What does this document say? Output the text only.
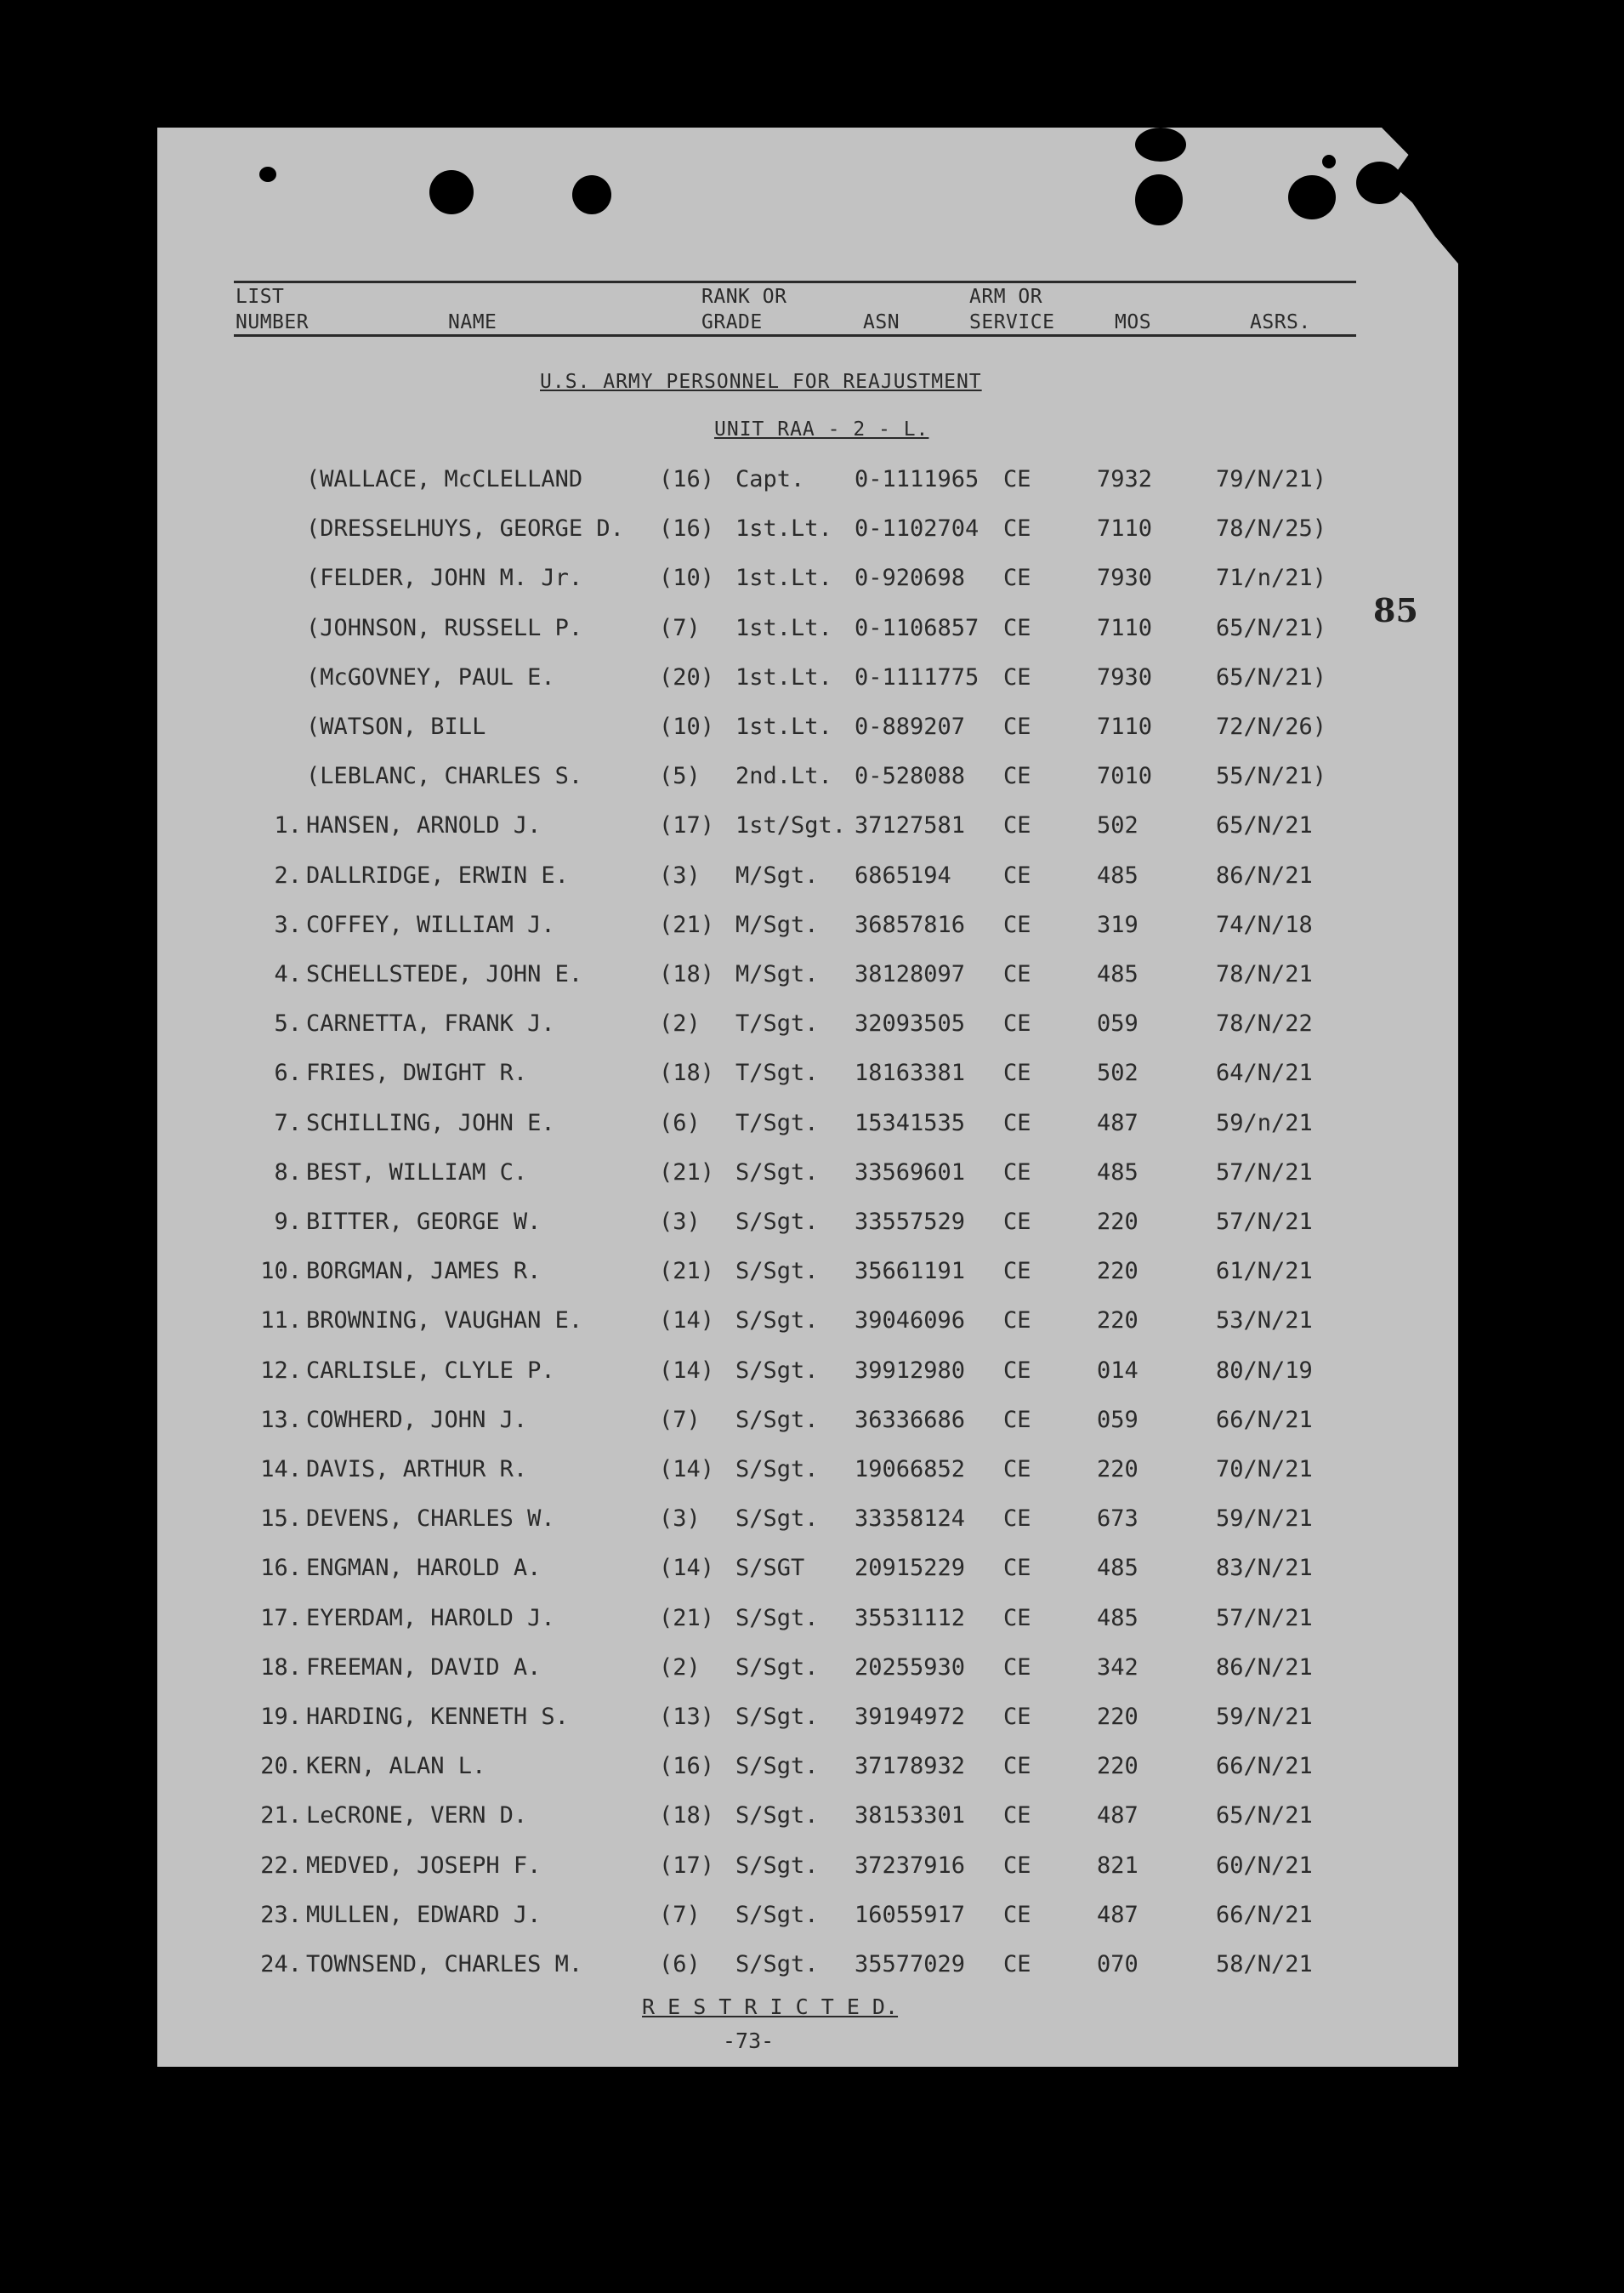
LIST
NUMBER	NAME
RANK OR
GRADE	ASN
ARM OR
SERVICE	MOS	ASRS.
U.S. ARMY PERSONNEL FOR REAJUSTMENT
UNIT RAA - 2 - L.
(WALLACE, McCLELLAND	(16) Capt. 0-1111965 CE	7932	79/N/21)
(DRESSELHUYS, GEORGE D. (16) 1st.Lt. 0-1102704 CE	7110	78/N/25)
(FELDER, JOHN M. Jr.	(10) 1st.Lt. 0-920698 CE	7930	71/n/21)
(JOHNSON, RUSSELL P.	(7) 1st.Lt. 0-1106857 CE	7110	65/N/21)
(McGOVNEY, PAUL E.	(20) 1st.Lt. 0-1111775 CE	7930	65/N/21)
(WATSON, BILL	(10) 1st.Lt. 0-889207 CE	7110	72/N/26)
(LEBLANC, CHARLES S.	(5) 2nd.Lt. 0-528088 CE	7010	55/N/21)
1. HANSEN, ARNOLD J.	(17) 1st/Sgt. 37127581 CE	502	65/N/21
2. DALLRIDGE, ERWIN E.	(3) M/Sgt. 6865194 CE	485	86/N/21
3. COFFEY, WILLIAM J.	(21) M/Sgt. 36857816 CE	319	74/N/18
4. SCHELLSTEDE, JOHN E.	(18) M/Sgt. 38128097 CE	485	78/N/21
5. CARNETTA, FRANK J.	(2) T/Sgt. 32093505 CE	059	78/N/22
6. FRIES, DWIGHT R.	(18) T/Sgt. 18163381 CE	502	64/N/21
7. SCHILLING, JOHN E.	(6) T/Sgt. 15341535 CE	487	59/n/21
8. BEST, WILLIAM C.	(21) S/Sgt. 33569601 CE	485	57/N/21
9. BITTER, GEORGE W.	(3) S/Sgt. 33557529 CE	220	57/N/21
10. BORGMAN, JAMES R.	(21) S/Sgt. 35661191 CE	220	61/N/21
11. BROWNING, VAUGHAN E.	(14) S/Sgt. 39046096 CE	220	53/N/21
12. CARLISLE, CLYLE P.	(14) S/Sgt. 39912980 CE	014	80/N/19
13. COWHERD, JOHN J.	(7) S/Sgt. 36336686 CE	059	66/N/21
14. DAVIS, ARTHUR R.	(14) S/Sgt. 19066852 CE	220	70/N/21
15. DEVENS, CHARLES W.	(3) S/Sgt. 33358124 CE	673	59/N/21
16. ENGMAN, HAROLD A.	(14) S/SGT 20915229 CE	485	83/N/21
17. EYERDAM, HAROLD J.	(21) S/Sgt. 35531112 CE	485	57/N/21
18. FREEMAN, DAVID A.	(2) S/Sgt. 20255930 CE	342	86/N/21
19. HARDING, KENNETH S.	(13) S/Sgt. 39194972 CE	220	59/N/21
20. KERN, ALAN L.	(16) S/Sgt. 37178932 CE	220	66/N/21
21. LeCRONE, VERN D.	(18) S/Sgt. 38153301 CE	487	65/N/21
22. MEDVED, JOSEPH F.	(17) S/Sgt. 37237916 CE	821	60/N/21
23. MULLEN, EDWARD J.	(7) S/Sgt. 16055917 CE	487	66/N/21
24. TOWNSEND, CHARLES M.	(6) S/Sgt. 35577029 CE	070	58/N/21
R E S T R I C T E D.
-73-
85
